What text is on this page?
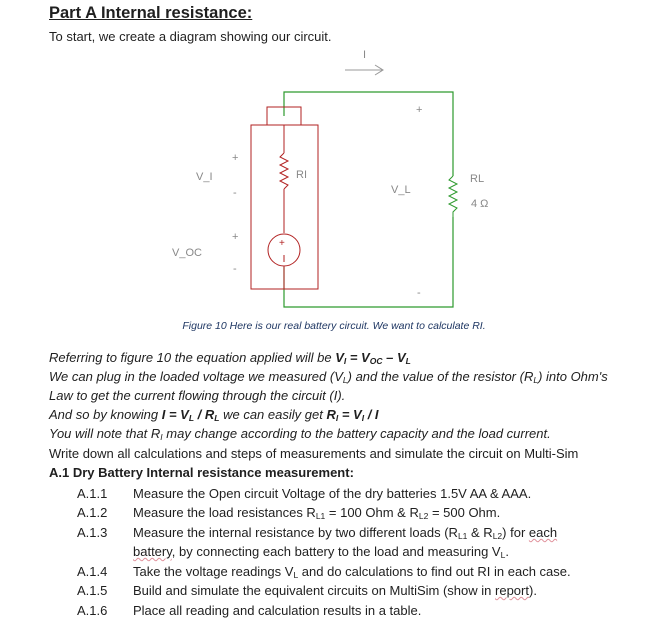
Part A Internal resistance:
To start, we create a diagram showing our circuit.
I
+
+
V_I
-
+
V_OC
-
RI
+
V_L
-
RL
4 Ω
Figure 10 Here is our real battery circuit. We want to calculate RI.
Referring to figure 10 the equation applied will be $V_I = V_{OC} - V_L$
We can plug in the loaded voltage we measured $(V_L)$ and the value of the resistor $(R_L)$ into Ohm's
Law to get the current flowing through the circuit (I).
And so by knowing $I = V_L / R_L$ we can easily get $R_I = V_I / I$
You will note that $R_I$ may change according to the battery capacity and the load current.
Write down all calculations and steps of measurements and simulate the circuit on Multi-Sim
A.1 Dry Battery Internal resistance measurement:
A.1.1 Measure the Open circuit Voltage of the dry batteries 1.5V AA & AAA.
A.1.2 Measure the load resistances $R_{L1} = 100$ Ohm & $R_{L2} = 500$ Ohm.
A.1.3 Measure the internal resistance by two different loads ($R_{L1}$ & $R_{L2}$) for each
battery, by connecting each battery to the load and measuring $V_L$.
A.1.4 Take the voltage readings $V_L$ and do calculations to find out RI in each case.
A.1.5 Build and simulate the equivalent circuits on MultiSim (show in report).
A.1.6 Place all reading and calculation results in a table.
